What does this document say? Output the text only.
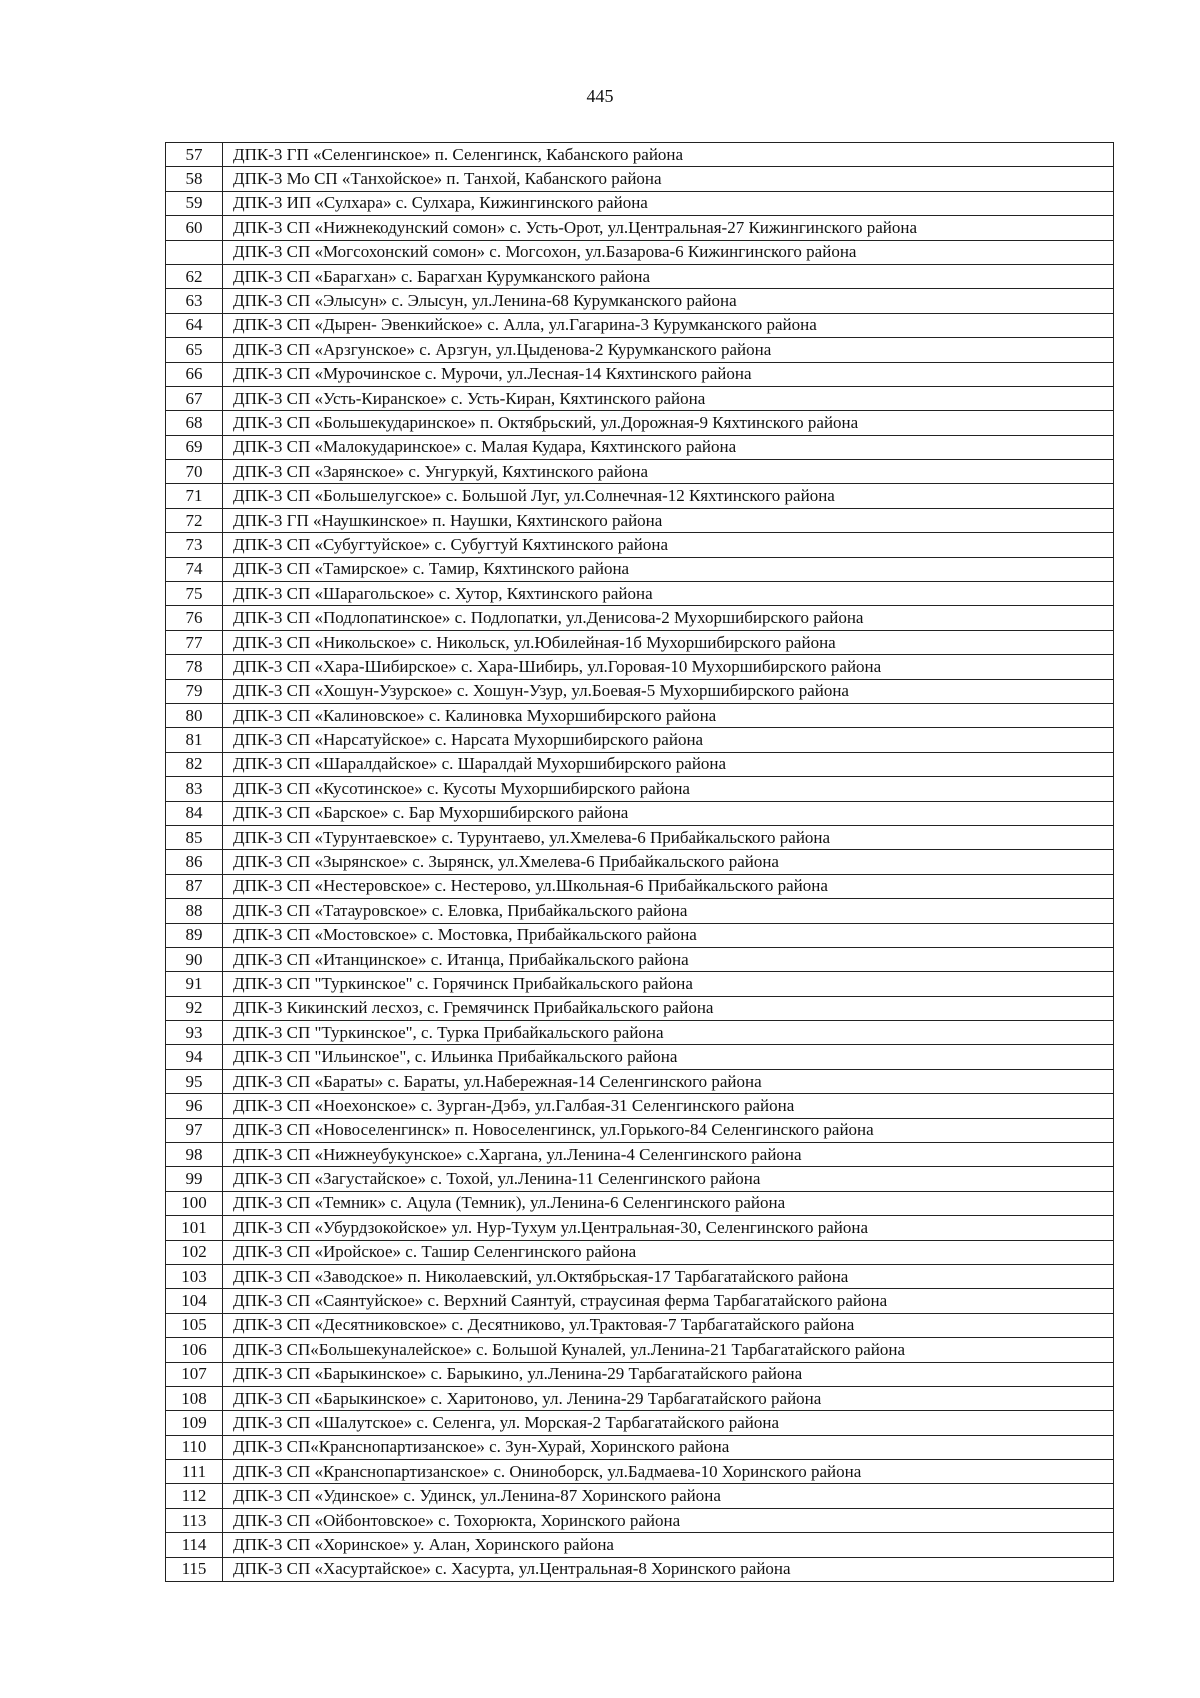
445
57	ДПК-3 ГП «Селенгинское» п. Селенгинск, Кабанского района
58	ДПК-3 Мо СП «Танхойское» п. Танхой, Кабанского района
59	ДПК-3 ИП «Сулхара» с. Сулхара, Кижингинского района
60	ДПК-3 СП «Нижнекодунский сомон» с. Усть-Орот, ул.Центральная-27 Кижингинского района
	ДПК-3 СП «Могсохонский сомон» с. Могсохон, ул.Базарова-6 Кижингинского района
62	ДПК-3 СП «Барагхан» с. Барагхан Курумканского района
63	ДПК-3 СП «Элысун» с. Элысун, ул.Ленина-68 Курумканского района
64	ДПК-3 СП «Дырен- Эвенкийское» с. Алла, ул.Гагарина-3 Курумканского района
65	ДПК-3 СП «Арзгунское» с. Арзгун, ул.Цыденова-2 Курумканского района
66	ДПК-3 СП «Мурочинское с. Мурочи, ул.Лесная-14 Кяхтинского района
67	ДПК-3 СП «Усть-Киранское» с. Усть-Киран, Кяхтинского района
68	ДПК-3 СП «Большекударинское» п. Октябрьский, ул.Дорожная-9 Кяхтинского района
69	ДПК-3 СП «Малокударинское» с. Малая Кудара, Кяхтинского района
70	ДПК-3 СП «Зарянское» с. Унгуркуй, Кяхтинского района
71	ДПК-3 СП «Большелугское» с. Большой Луг, ул.Солнечная-12 Кяхтинского района
72	ДПК-3 ГП «Наушкинское» п. Наушки, Кяхтинского района
73	ДПК-3 СП «Субугтуйское» с. Субугтуй Кяхтинского района
74	ДПК-3 СП «Тамирское» с. Тамир, Кяхтинского района
75	ДПК-3 СП «Шарагольское» с. Хутор, Кяхтинского района
76	ДПК-3 СП «Подлопатинское» с. Подлопатки, ул.Денисова-2 Мухоршибирского района
77	ДПК-3 СП «Никольское» с. Никольск, ул.Юбилейная-1б Мухоршибирского района
78	ДПК-3 СП «Хара-Шибирское» с. Хара-Шибирь, ул.Горовая-10 Мухоршибирского района
79	ДПК-3 СП «Хошун-Узурское» с. Хошун-Узур, ул.Боевая-5 Мухоршибирского района
80	ДПК-3 СП «Калиновское» с. Калиновка Мухоршибирского района
81	ДПК-3 СП «Нарсатуйское» с. Нарсата Мухоршибирского района
82	ДПК-3 СП «Шаралдайское» с. Шаралдай Мухоршибирского района
83	ДПК-3 СП «Кусотинское» с. Кусоты Мухоршибирского района
84	ДПК-3 СП «Барское» с. Бар Мухоршибирского района
85	ДПК-3 СП «Турунтаевское» с. Турунтаево, ул.Хмелева-6 Прибайкальского района
86	ДПК-3 СП «Зырянское» с. Зырянск, ул.Хмелева-6 Прибайкальского района
87	ДПК-3 СП «Нестеровское» с. Нестерово, ул.Школьная-6 Прибайкальского района
88	ДПК-3 СП «Татауровское» с. Еловка, Прибайкальского района
89	ДПК-3 СП «Мостовское» с. Мостовка, Прибайкальского района
90	ДПК-3 СП «Итанцинское» с. Итанца, Прибайкальского района
91	ДПК-3 СП "Туркинское" с. Горячинск Прибайкальского района
92	ДПК-3 Кикинский лесхоз, с. Гремячинск Прибайкальского района
93	ДПК-3 СП "Туркинское", с. Турка Прибайкальского района
94	ДПК-3 СП "Ильинское", с. Ильинка Прибайкальского района
95	ДПК-3 СП «Бараты» с. Бараты, ул.Набережная-14 Селенгинского района
96	ДПК-3 СП «Ноехонское» с. Зурган-Дэбэ, ул.Галбая-31 Селенгинского района
97	ДПК-3 СП «Новоселенгинск» п. Новоселенгинск, ул.Горького-84 Селенгинского района
98	ДПК-3 СП «Нижнеубукунское» с.Харгана, ул.Ленина-4 Селенгинского района
99	ДПК-3 СП «Загустайское» с. Тохой, ул.Ленина-11 Селенгинского района
100	ДПК-3 СП «Темник» с. Ацула (Темник), ул.Ленина-6 Селенгинского района
101	ДПК-3 СП «Убурдзокойское» ул. Нур-Тухум ул.Центральная-30, Селенгинского района
102	ДПК-3 СП «Иройское» с. Ташир Селенгинского района
103	ДПК-3 СП «Заводское» п. Николаевский, ул.Октябрьская-17 Тарбагатайского района
104	ДПК-3 СП «Саянтуйское» с. Верхний Саянтуй, страусиная ферма Тарбагатайского района
105	ДПК-3 СП «Десятниковское» с. Десятниково, ул.Трактовая-7 Тарбагатайского района
106	ДПК-3 СП«Большекуналейское» с. Большой Куналей, ул.Ленина-21 Тарбагатайского районa
107	ДПК-3 СП «Барыкинское» с. Барыкино, ул.Ленина-29 Тарбагатайского района
108	ДПК-3 СП «Барыкинское» с. Харитоново, ул. Ленина-29 Тарбагатайского района
109	ДПК-3 СП «Шалутское» с. Селенга, ул. Морская-2 Тарбагатайского района
110	ДПК-3 СП«Кранснопартизанское» с. Зун-Хурай, Хоринского района
111	ДПК-3 СП «Кранснопартизанское» с. Онинoборск, ул.Бадмаева-10 Хоринского района
112	ДПК-3 СП «Удинское» с. Удинск, ул.Ленина-87 Хоринского района
113	ДПК-3 СП «Ойбонтовское» с. Тохорюкта, Хоринского района
114	ДПК-3 СП «Хоринское» у. Алан, Хоринского района
115	ДПК-3 СП «Хасуртайское» с. Хасурта, ул.Центральная-8 Хоринского района
